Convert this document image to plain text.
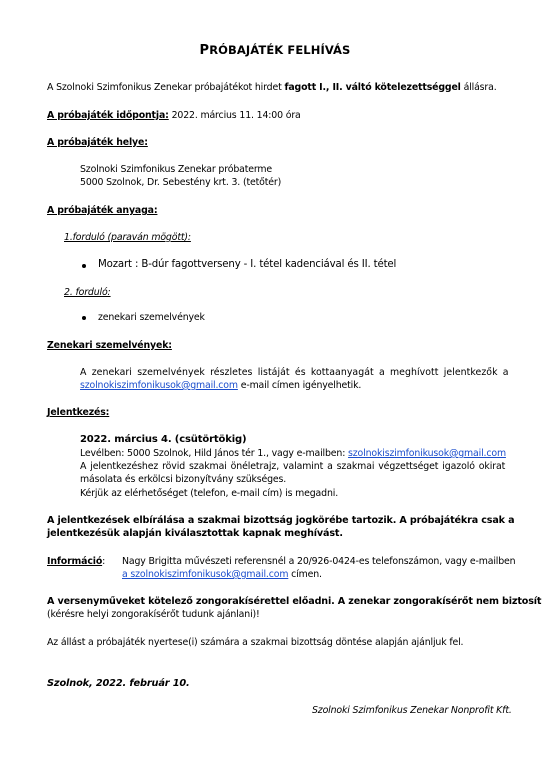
PRÓBAJÁTÉK FELHÍVÁS
A Szolnoki Szimfonikus Zenekar próbajátékot hirdet fagott I., II. váltó kötelezettséggel állásra.
A próbajáték időpontja: 2022. március 11. 14:00 óra
A próbajáték helye:
Szolnoki Szimfonikus Zenekar próbaterme
5000 Szolnok, Dr. Sebestény krt. 3. (tetőtér)
A próbajáték anyaga:
1.forduló (paraván mögött):
Mozart : B-dúr fagottverseny - I. tétel kadenciával és II. tétel
2. forduló:
zenekari szemelvények
Zenekari szemelvények:
A zenekari szemelvények részletes listáját és kottaanyagát a meghívott jelentkezők a
szolnokiszimfonikusok@gmail.com e-mail címen igényelhetik.
Jelentkezés:
2022. március 4. (csütörtökig)
Levélben: 5000 Szolnok, Hild János tér 1., vagy e-mailben: szolnokiszimfonikusok@gmail.com
A jelentkezéshez rövid szakmai önéletrajz, valamint a szakmai végzettséget igazoló okirat
másolata és erkölcsi bizonyítvány szükséges.
Kérjük az elérhetőséget (telefon, e-mail cím) is megadni.
A jelentkezések elbírálása a szakmai bizottság jogkörébe tartozik. A próbajátékra csak a
jelentkezésük alapján kiválasztottak kapnak meghívást.
Információ: Nagy Brigitta művészeti referensnél a 20/926-0424-es telefonszámon, vagy e-mailben
a szolnokiszimfonikusok@gmail.com címen.
A versenyműveket kötelező zongorakísérettel előadni. A zenekar zongorakísérőt nem biztosít
(kérésre helyi zongorakísérőt tudunk ajánlani)!
Az állást a próbajáték nyertese(i) számára a szakmai bizottság döntése alapján ajánljuk fel.
Szolnok, 2022. február 10.
Szolnoki Szimfonikus Zenekar Nonprofit Kft.
